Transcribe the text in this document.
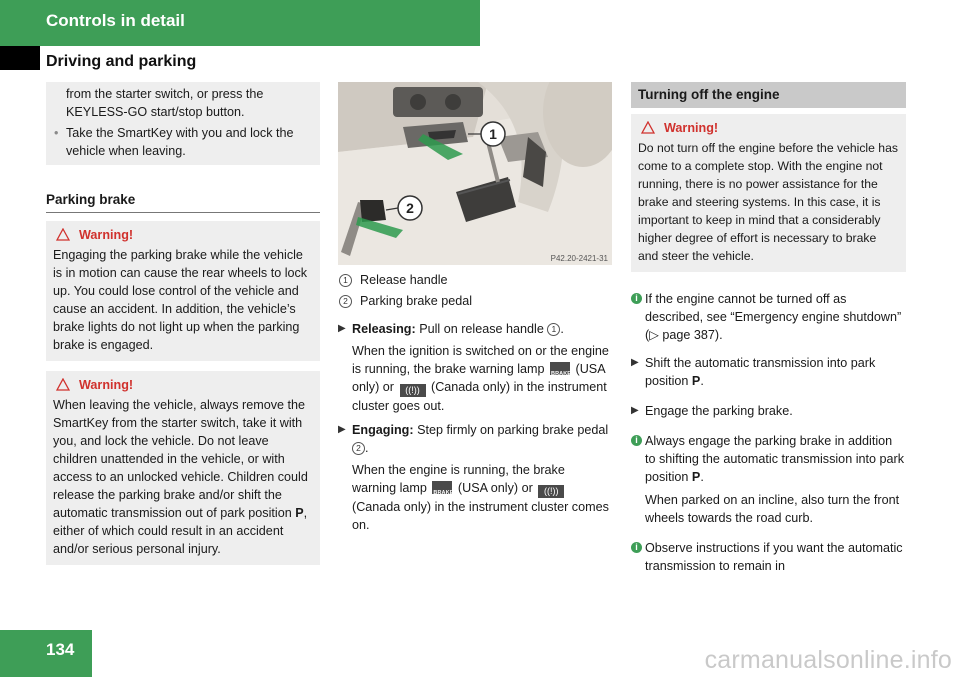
Controls in detail
Driving and parking
from the starter switch, or press the KEYLESS-GO start/stop button.
• Take the SmartKey with you and lock the vehicle when leaving.
Parking brake
Warning!
Engaging the parking brake while the vehicle is in motion can cause the rear wheels to lock up. You could lose control of the vehicle and cause an accident. In addition, the vehicle’s brake lights do not light up when the parking brake is engaged.
Warning!
When leaving the vehicle, always remove the SmartKey from the starter switch, take it with you, and lock the vehicle. Do not leave children unattended in the vehicle, or with access to an unlocked vehicle. Children could release the parking brake and/or shift the automatic transmission out of park position P, either of which could result in an accident and/or serious personal injury.
1
2
P42.20-2421-31
1 Release handle
2 Parking brake pedal
▶ Releasing: Pull on release handle 1 .

When the ignition is switched on or the engine is running, the brake warning lamp BRAKE (USA only) or ((!)) (Canada only) in the instrument cluster goes out.

▶ Engaging: Step firmly on parking brake pedal 2 .

When the engine is running, the brake warning lamp BRAKE (USA only) or ((!)) (Canada only) in the instrument cluster comes on.

Turning off the engine
Warning!
Do not turn off the engine before the vehicle has come to a complete stop. With the engine not running, there is no power assistance for the brake and steering systems. In this case, it is important to keep in mind that a considerably higher degree of effort is necessary to brake and steer the vehicle.
i If the engine cannot be turned off as described, see “Emergency engine shutdown” (▷ page 387).

▶ Shift the automatic transmission into park position P.

▶ Engage the parking brake.

i Always engage the parking brake in addition to shifting the automatic transmission into park position P.

When parked on an incline, also turn the front wheels towards the road curb.

i Observe instructions if you want the automatic transmission to remain in

134	carmanualsonline.info
